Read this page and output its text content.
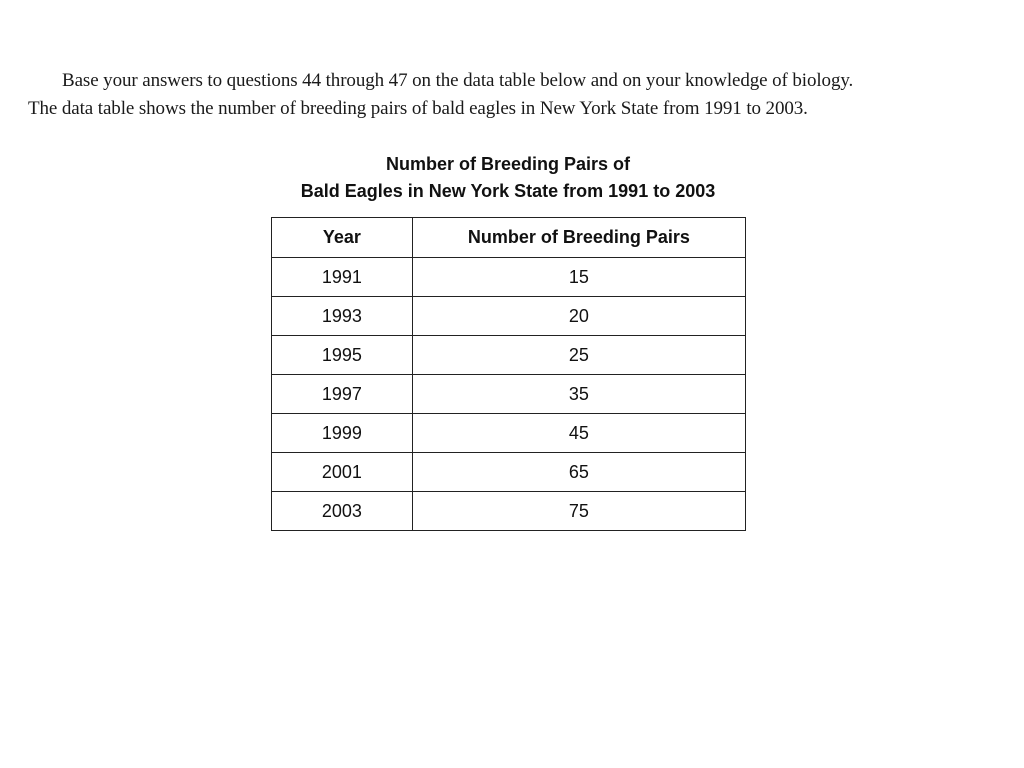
Base your answers to questions 44 through 47 on the data table below and on your knowledge of biology.

The data table shows the number of breeding pairs of bald eagles in New York State from 1991 to 2003.

Number of Breeding Pairs of
Bald Eagles in New York State from 1991 to 2003
Year	Number of Breeding Pairs
1991	15
1993	20
1995	25
1997	35
1999	45
2001	65
2003	75
